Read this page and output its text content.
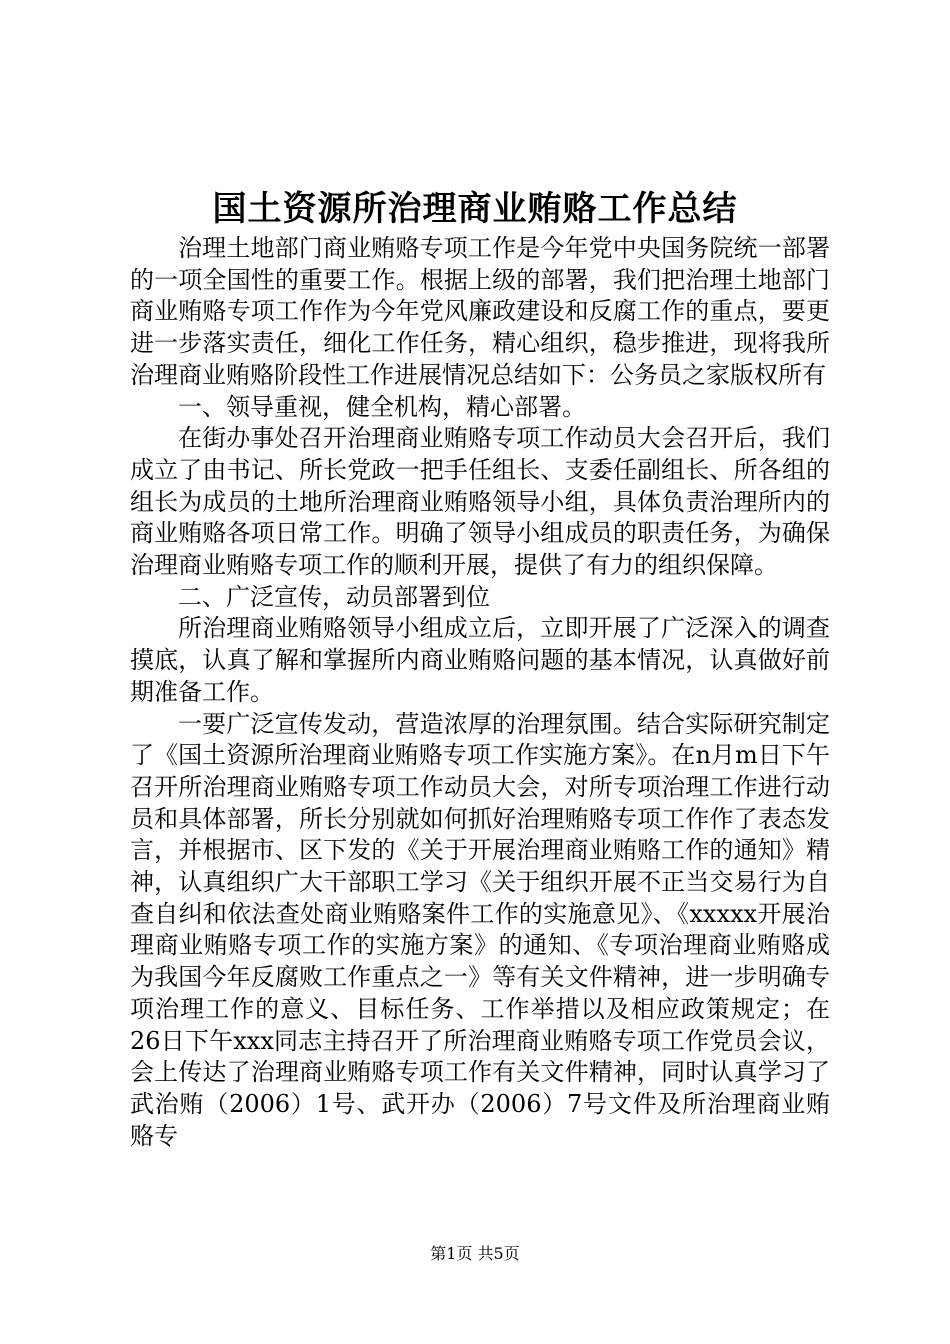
国土资源所治理商业贿赂工作总结

治理土地部门商业贿赂专项工作是今年党中央国务院统一部署的一项全国性的重要工作。根据上级的部署，我们把治理土地部门商业贿赂专项工作作为今年党风廉政建设和反腐工作的重点，要更进一步落实责任，细化工作任务，精心组织，稳步推进，现将我所治理商业贿赂阶段性工作进展情况总结如下：公务员之家版权所有

一、领导重视，健全机构，精心部署。

在街办事处召开治理商业贿赂专项工作动员大会召开后，我们成立了由书记、所长党政一把手任组长、支委任副组长、所各组的组长为成员的土地所治理商业贿赂领导小组，具体负责治理所内的商业贿赂各项日常工作。明确了领导小组成员的职责任务，为确保治理商业贿赂专项工作的顺利开展，提供了有力的组织保障。

二、广泛宣传，动员部署到位

所治理商业贿赂领导小组成立后，立即开展了广泛深入的调查摸底，认真了解和掌握所内商业贿赂问题的基本情况，认真做好前期准备工作。

一要广泛宣传发动，营造浓厚的治理氛围。结合实际研究制定了《国土资源所治理商业贿赂专项工作实施方案》。在n月m日下午召开所治理商业贿赂专项工作动员大会，对所专项治理工作进行动员和具体部署，所长分别就如何抓好治理贿赂专项工作作了表态发言，并根据市、区下发的《关于开展治理商业贿赂工作的通知》精神，认真组织广大干部职工学习《关于组织开展不正当交易行为自查自纠和依法查处商业贿赂案件工作的实施意见》、《xxxxx开展治理商业贿赂专项工作的实施方案》的通知、《专项治理商业贿赂成为我国今年反腐败工作重点之一》等有关文件精神，进一步明确专项治理工作的意义、目标任务、工作举措以及相应政策规定；在26日下午xxx同志主持召开了所治理商业贿赂专项工作党员会议，会上传达了治理商业贿赂专项工作有关文件精神，同时认真学习了武治贿（2006）1号、武开办（2006）7号文件及所治理商业贿赂专

第1页 共5页
